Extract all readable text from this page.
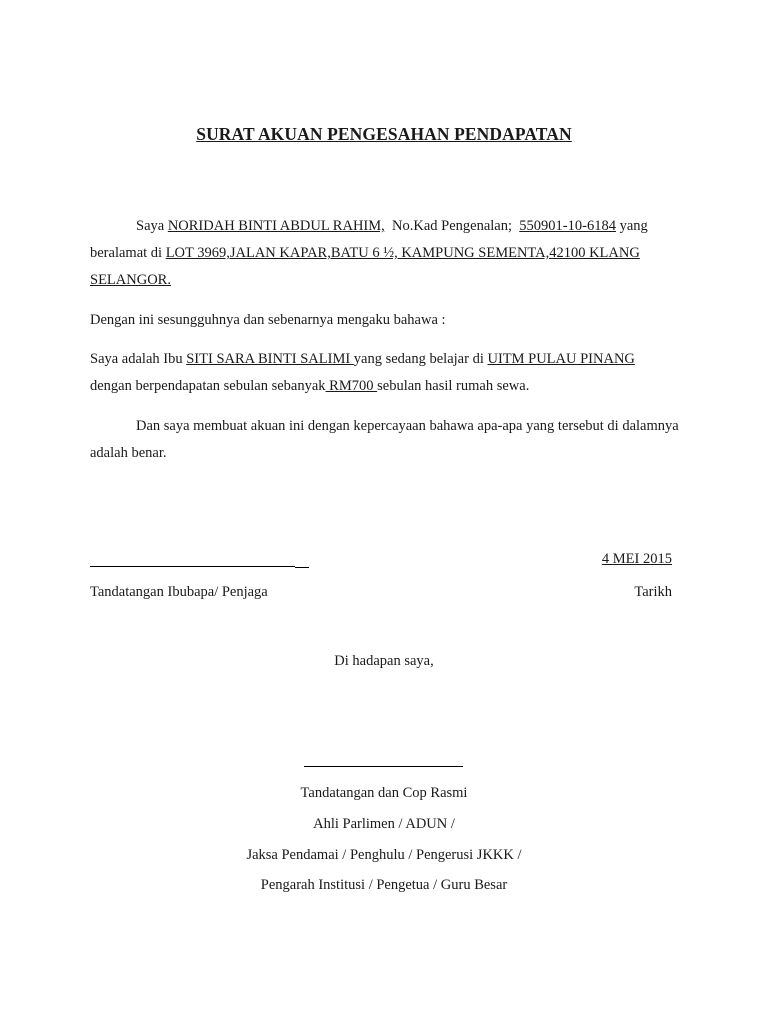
SURAT AKUAN PENGESAHAN PENDAPATAN

Saya NORIDAH BINTI ABDUL RAHIM,  No.Kad Pengenalan;  550901-10-6184 yang beralamat di LOT 3969,JALAN KAPAR,BATU 6 ½, KAMPUNG SEMENTA,42100 KLANG SELANGOR.

Dengan ini sesungguhnya dan sebenarnya mengaku bahawa :

Saya adalah Ibu SITI SARA BINTI SALIMI yang sedang belajar di UITM PULAU PINANG dengan berpendapatan sebulan sebanyak RM700 sebulan hasil rumah sewa.

Dan saya membuat akuan ini dengan kepercayaan bahawa apa-apa yang tersebut di dalamnya adalah benar.

4 MEI 2015
Tandatangan Ibubapa/ Penjaga	Tarikh
Di hadapan saya,
Tandatangan dan Cop Rasmi
Ahli Parlimen / ADUN /
Jaksa Pendamai / Penghulu / Pengerusi JKKK /
Pengarah Institusi / Pengetua / Guru Besar
